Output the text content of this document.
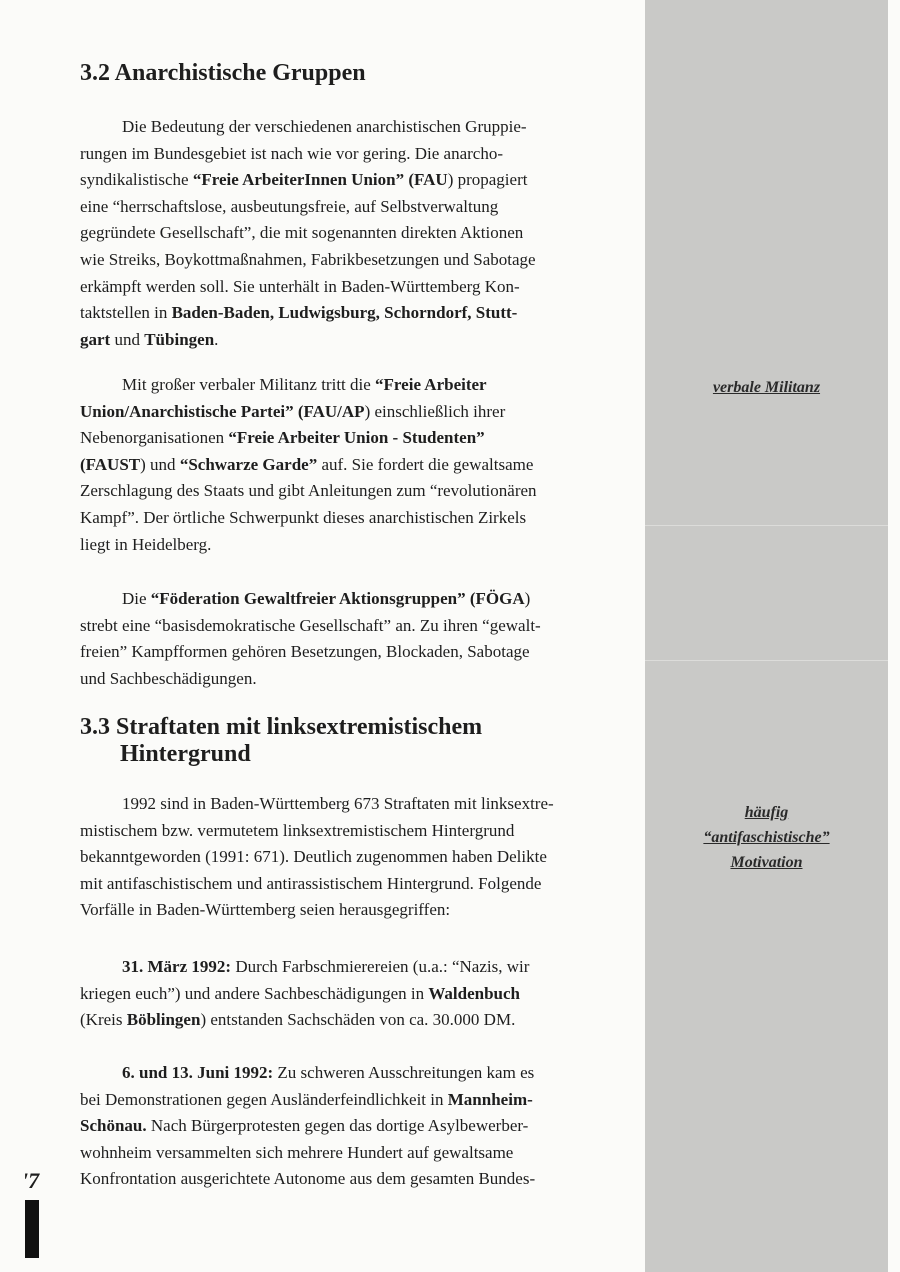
verbale Militanz
häufig
“antifaschistische”
Motivation
3.2 Anarchistische Gruppen
Die Bedeutung der verschiedenen anarchistischen Gruppie-
rungen im Bundesgebiet ist nach wie vor gering. Die anarcho-
syndikalistische “Freie ArbeiterInnen Union” (FAU) propagiert
eine “herrschaftslose, ausbeutungsfreie, auf Selbstverwaltung
gegründete Gesellschaft”, die mit sogenannten direkten Aktionen
wie Streiks, Boykottmaßnahmen, Fabrikbesetzungen und Sabotage
erkämpft werden soll. Sie unterhält in Baden-Württemberg Kon-
taktstellen in Baden-Baden, Ludwigsburg, Schorndorf, Stutt-
gart und Tübingen.
Mit großer verbaler Militanz tritt die “Freie Arbeiter
Union/Anarchistische Partei” (FAU/AP) einschließlich ihrer
Nebenorganisationen “Freie Arbeiter Union - Studenten”
(FAUST) und “Schwarze Garde” auf. Sie fordert die gewaltsame
Zerschlagung des Staats und gibt Anleitungen zum “revolutionären
Kampf”. Der örtliche Schwerpunkt dieses anarchistischen Zirkels
liegt in Heidelberg.
Die “Föderation Gewaltfreier Aktionsgruppen” (FÖGA)
strebt eine “basisdemokratische Gesellschaft” an. Zu ihren “gewalt-
freien” Kampfformen gehören Besetzungen, Blockaden, Sabotage
und Sachbeschädigungen.
3.3 Straftaten mit linksextremistischem
Hintergrund
1992 sind in Baden-Württemberg 673 Straftaten mit linksextre-
mistischem bzw. vermutetem linksextremistischem Hintergrund
bekanntgeworden (1991: 671). Deutlich zugenommen haben Delikte
mit antifaschistischem und antirassistischem Hintergrund. Folgende
Vorfälle in Baden-Württemberg seien herausgegriffen:
31. März 1992: Durch Farbschmierereien (u.a.: “Nazis, wir
kriegen euch”) und andere Sachbeschädigungen in Waldenbuch
(Kreis Böblingen) entstanden Sachschäden von ca. 30.000 DM.
6. und 13. Juni 1992: Zu schweren Ausschreitungen kam es
bei Demonstrationen gegen Ausländerfeindlichkeit in Mannheim-
Schönau. Nach Bürgerprotesten gegen das dortige Asylbewerber-
wohnheim versammelten sich mehrere Hundert auf gewaltsame
Konfrontation ausgerichtete Autonome aus dem gesamten Bundes-
'7
